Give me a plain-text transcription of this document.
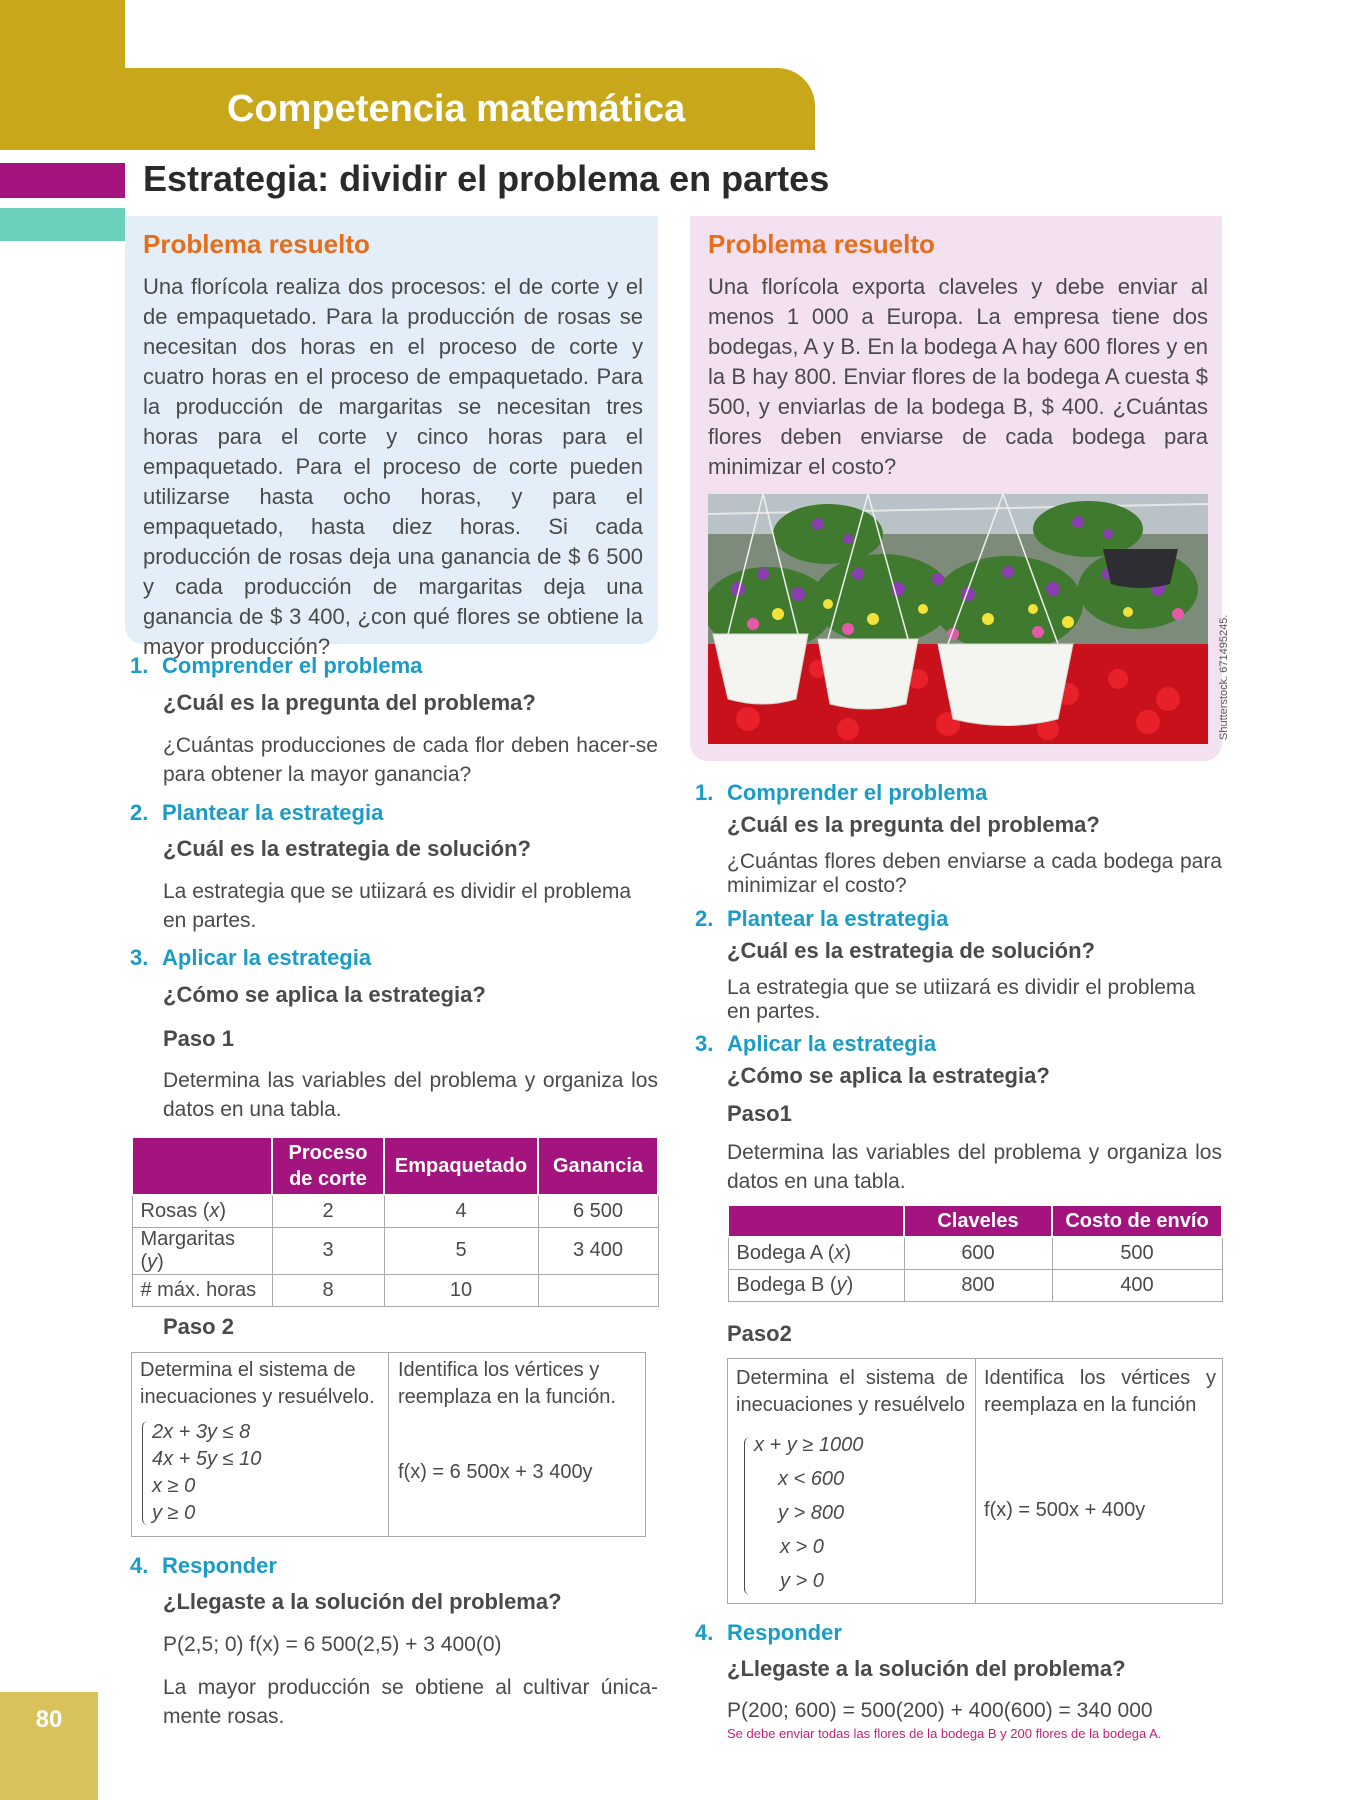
80
Competencia matemática
Estrategia: dividir el problema en partes
Problema resuelto

Una florícola realiza dos procesos: el de corte y el de empaquetado. Para la producción de rosas se necesitan dos horas en el proceso de corte y cuatro horas en el proceso de empaquetado. Para la producción de margaritas se necesitan tres horas para el corte y cinco horas para el empaquetado. Para el proceso de corte pueden utilizarse hasta ocho horas, y para el empaquetado, hasta diez horas. Si cada producción de rosas deja una ganancia de $ 6 500 y cada producción de margaritas deja una ganancia de $ 3 400, ¿con qué flores se obtiene la mayor producción?

1. Comprender el problema
¿Cuál es la pregunta del problema?
¿Cuántas producciones de cada flor deben hacer-se para obtener la mayor ganancia?
2. Plantear la estrategia
¿Cuál es la estrategia de solución?
La estrategia que se utiizará es dividir el problema en partes.
3. Aplicar la estrategia
¿Cómo se aplica la estrategia?
Paso 1
Determina las variables del problema y organiza los datos en una tabla.
	Proceso de corte	Empaquetado	Ganancia
Rosas (x)	2	4	6 500
Margaritas (y)	3	5	3 400
# máx. horas	8	10	
Paso 2
Determina el sistema de inecuaciones y resuélvelo.
Identifica los vértices y reemplaza en la función.
2x + 3y ≤ 8
4x + 5y ≤ 10
x ≥ 0
y ≥ 0
f(x) = 6 500x + 3 400y
4. Responder
¿Llegaste a la solución del problema?
P(2,5; 0) f(x) = 6 500(2,5) + 3 400(0)
La mayor producción se obtiene al cultivar única-mente rosas.
Problema resuelto

Una florícola exporta claveles y debe enviar al menos 1 000 a Europa. La empresa tiene dos bodegas, A y B. En la bodega A hay 600 flores y en la B hay 800. Enviar flores de la bodega A cuesta $ 500, y enviarlas de la bodega B, $ 400. ¿Cuántas flores deben enviarse de cada bodega para minimizar el costo?

Shutterstock. 671495245.
1. Comprender el problema
¿Cuál es la pregunta del problema?
¿Cuántas flores deben enviarse a cada bodega para minimizar el costo?
2. Plantear la estrategia
¿Cuál es la estrategia de solución?
La estrategia que se utiizará es dividir el problema en partes.
3. Aplicar la estrategia
¿Cómo se aplica la estrategia?
Paso1
Determina las variables del problema y organiza los datos en una tabla.
	Claveles	Costo de envío
Bodega A (x)	600	500
Bodega B (y)	800	400
Paso2
Determina el sistema de inecuaciones y resuélvelo
Identifica los vértices y reemplaza en la función
x + y ≥ 1000
x < 600
y > 800
x > 0
y > 0
f(x) = 500x + 400y
4. Responder
¿Llegaste a la solución del problema?
P(200; 600) = 500(200) + 400(600) = 340 000
Se debe enviar todas las flores de la bodega B y 200 flores de la bodega A.
